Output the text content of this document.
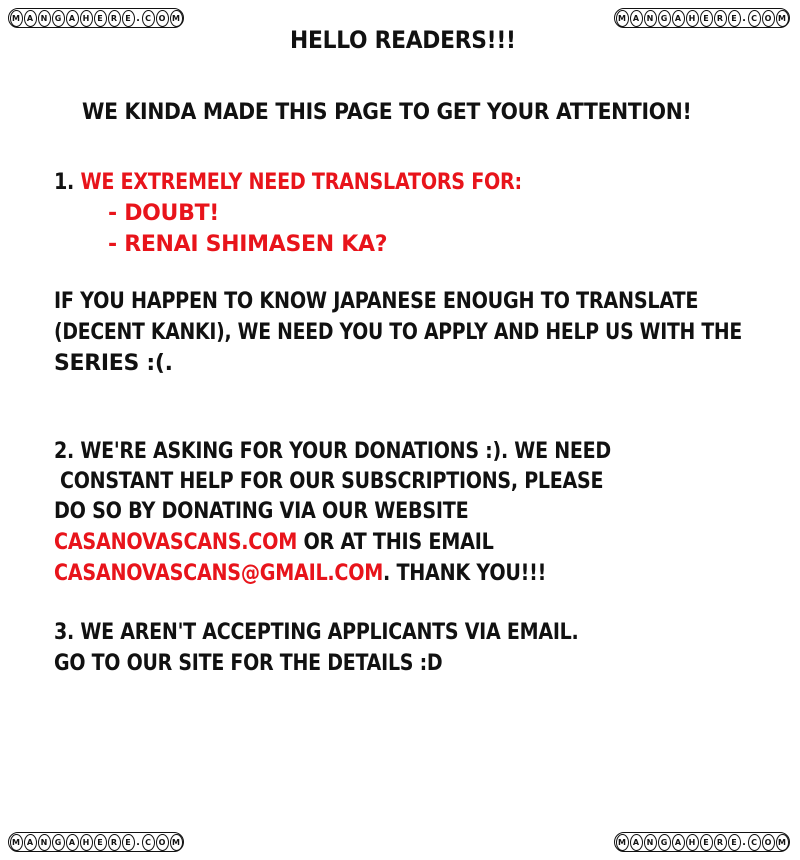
M A N G A H E	R	E . C O M	M A N G A H E	R	E . C O M
M A N G A H E	R	E . C O M	M A N G A H E	R	E . C O M

HELLO READERS!!!

WE KINDA MADE THIS PAGE TO GET YOUR ATTENTION!

1. WE EXTREMELY NEED TRANSLATORS FOR:

- DOUBT!

- RENAI SHIMASEN KA?

IF YOU HAPPEN TO KNOW JAPANESE ENOUGH TO TRANSLATE

(DECENT KANKI), WE NEED YOU TO APPLY AND HELP US WITH THE

SERIES :(.

2. WE'RE ASKING FOR YOUR DONATIONS :). WE NEED

CONSTANT HELP FOR OUR SUBSCRIPTIONS, PLEASE

DO SO BY DONATING VIA OUR WEBSITE

CASANOVASCANS.COM OR AT THIS EMAIL

CASANOVASCANS@GMAIL.COM. THANK YOU!!!

3. WE AREN'T ACCEPTING APPLICANTS VIA EMAIL.

GO TO OUR SITE FOR THE DETAILS :D
